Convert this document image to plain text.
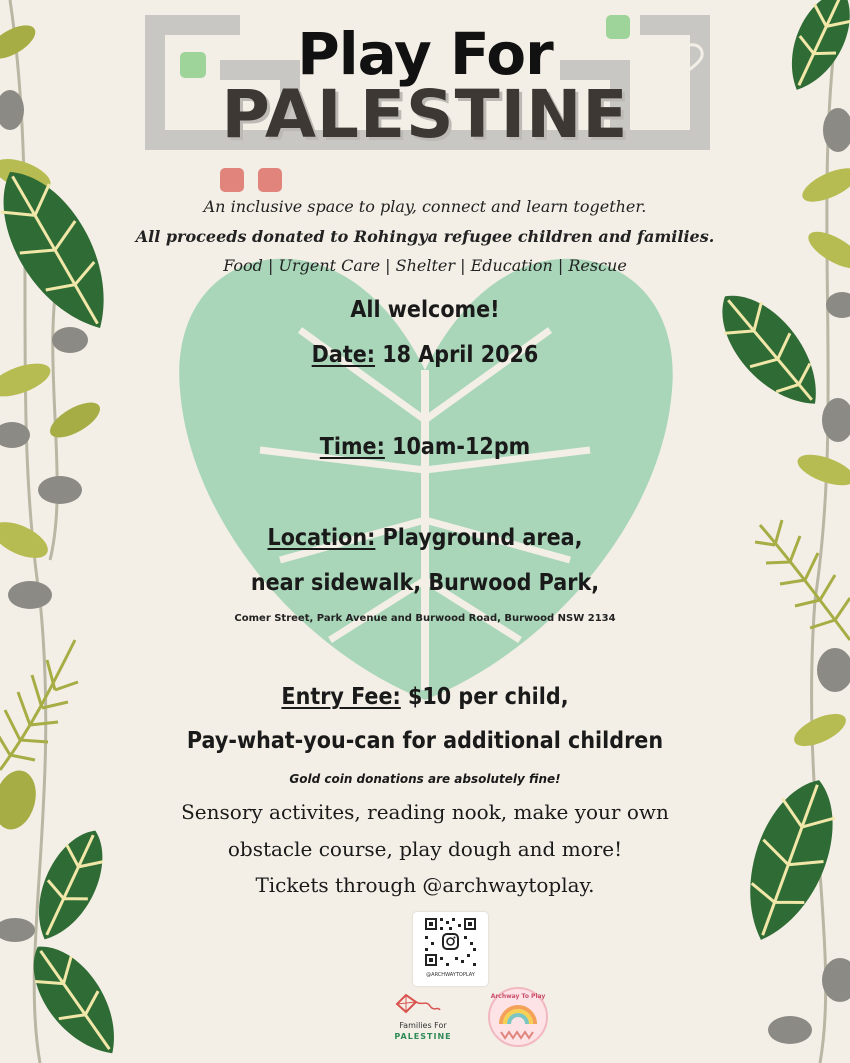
Play For
PALESTINE
An inclusive space to play, connect and learn together.
All proceeds donated to Rohingya refugee children and families.
Food | Urgent Care | Shelter | Education | Rescue
All welcome!
Date: 18 April 2026
Time: 10am-12pm
Location: Playground area,
near sidewalk, Burwood Park,
Comer Street, Park Avenue and Burwood Road, Burwood NSW 2134
Entry Fee: $10 per child,
Pay-what-you-can for additional children
Gold coin donations are absolutely fine!
Sensory activites, reading nook, make your own
obstacle course, play dough and more!
Tickets through @archwaytoplay.
@ARCHWAYTOPLAY
Families For
PALESTINE
Archway To Play
